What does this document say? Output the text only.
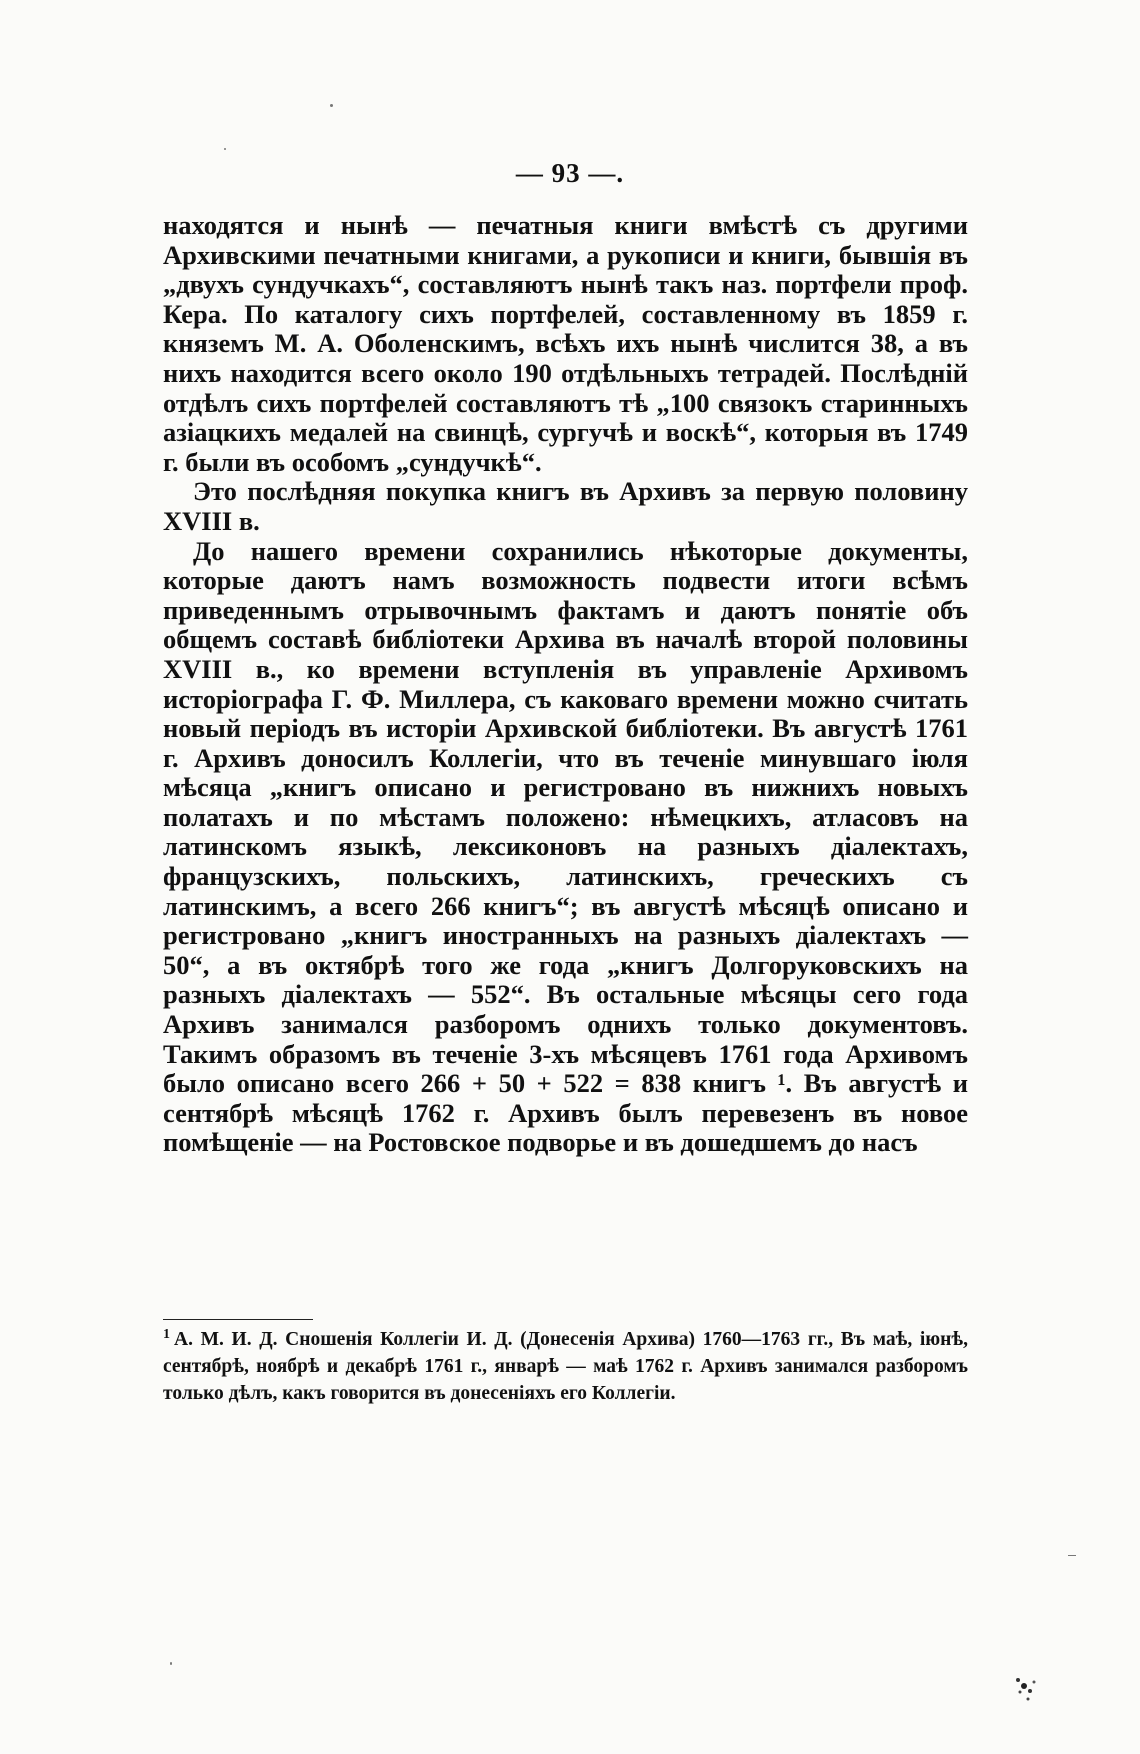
— 93 —.

находятся и нынѣ — печатныя книги вмѣстѣ съ другими Архивскими печатными книгами, а рукописи и книги, бывшія въ „двухъ сундучкахъ“, составляютъ нынѣ такъ наз. портфели проф. Кера. По каталогу сихъ портфелей, составленному въ 1859 г. княземъ М. А. Оболенскимъ, всѣхъ ихъ нынѣ числится 38, а въ нихъ находится всего около 190 отдѣльныхъ тетрадей. Послѣдній отдѣлъ сихъ портфелей составляютъ тѣ „100 связокъ старинныхъ азіацкихъ медалей на свинцѣ, сургучѣ и воскѣ“, которыя въ 1749 г. были въ особомъ „сундучкѣ“.

Это послѣдняя покупка книгъ въ Архивъ за первую половину XVIII в.

До нашего времени сохранились нѣкоторые документы, которые даютъ намъ возможность подвести итоги всѣмъ приведеннымъ отрывочнымъ фактамъ и даютъ понятіе объ общемъ составѣ библіотеки Архива въ началѣ второй половины XVIII в., ко времени вступленія въ управленіе Архивомъ исторіографа Г. Ф. Миллера, съ каковаго времени можно считать новый періодъ въ исторіи Архивской библіотеки. Въ августѣ 1761 г. Архивъ доносилъ Коллегіи, что въ теченіе минувшаго іюля мѣсяца „книгъ описано и регистровано въ нижнихъ новыхъ полатахъ и по мѣстамъ положено: нѣмецкихъ, атласовъ на латинскомъ языкѣ, лексиконовъ на разныхъ діалектахъ, французскихъ, польскихъ, латинскихъ, греческихъ съ латинскимъ, а всего 266 книгъ“; въ августѣ мѣсяцѣ описано и регистровано „книгъ иностранныхъ на разныхъ діалектахъ — 50“, а въ октябрѣ того же года „книгъ Долгоруковскихъ на разныхъ діалектахъ — 552“. Въ остальные мѣсяцы сего года Архивъ занимался разборомъ однихъ только документовъ. Такимъ образомъ въ теченіе 3-хъ мѣсяцевъ 1761 года Архивомъ было описано всего 266 + 50 + 522 = 838 книгъ ¹. Въ августѣ и сентябрѣ мѣсяцѣ 1762 г. Архивъ былъ перевезенъ въ новое помѣщеніе — на Ростовское подворье и въ дошедшемъ до насъ

$^1$ А. М. И. Д. Сношенія Коллегіи И. Д. (Донесенія Архива) 1760—1763 гг., Въ маѣ, іюнѣ, сентябрѣ, ноябрѣ и декабрѣ 1761 г., январѣ — маѣ 1762 г. Архивъ занимался разборомъ только дѣлъ, какъ говорится въ донесеніяхъ его Коллегіи.
